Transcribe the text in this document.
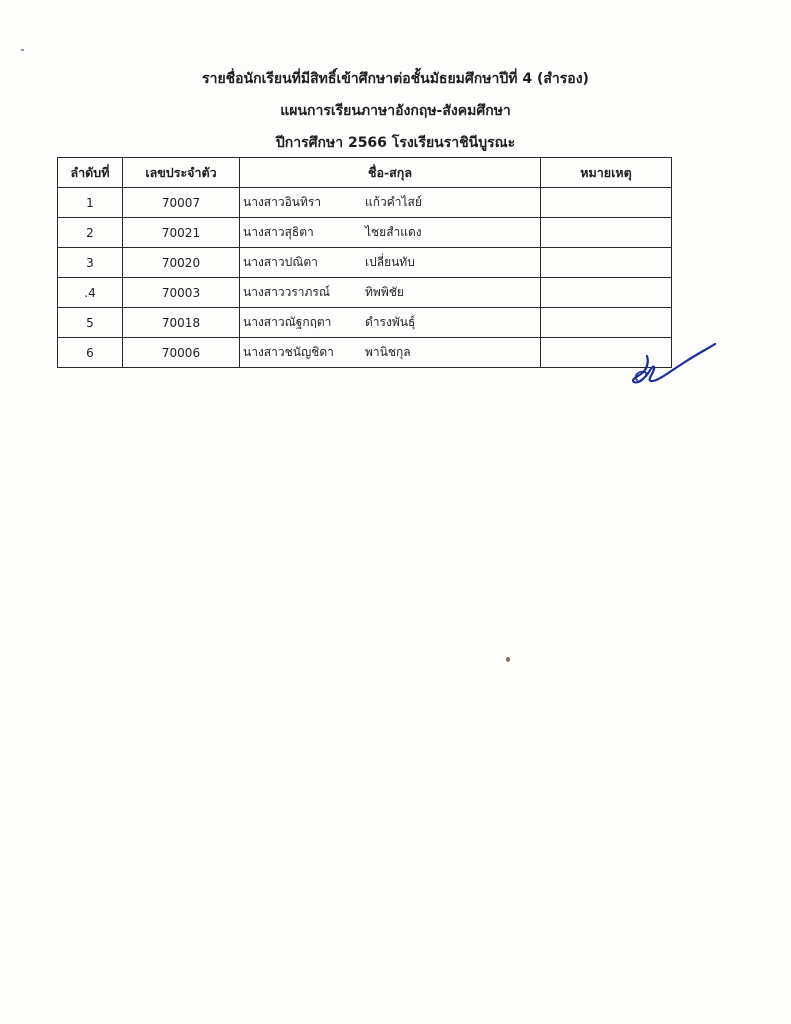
รายชื่อนักเรียนที่มีสิทธิ์เข้าศึกษาต่อชั้นมัธยมศึกษาปีที่ 4 (สำรอง)
แผนการเรียนภาษาอังกฤษ-สังคมศึกษา
ปีการศึกษา 2566 โรงเรียนราชินีบูรณะ
ลำดับที่	เลขประจำตัว	ชื่อ-สกุล	หมายเหตุ
1	70007	นางสาวอินทิรา แก้วคำไสย์	

2	70021	นางสาวสุธิตา ไชยสำแดง	

3	70020	นางสาวปณิตา เปลี่ยนทับ	

.4	70003	นางสาววราภรณ์ ทิพพิชัย	

5	70018	นางสาวณัฐกฤตา ดำรงพันธุ์	

6	70006	นางสาวชนัญชิดา พานิชกุล	
